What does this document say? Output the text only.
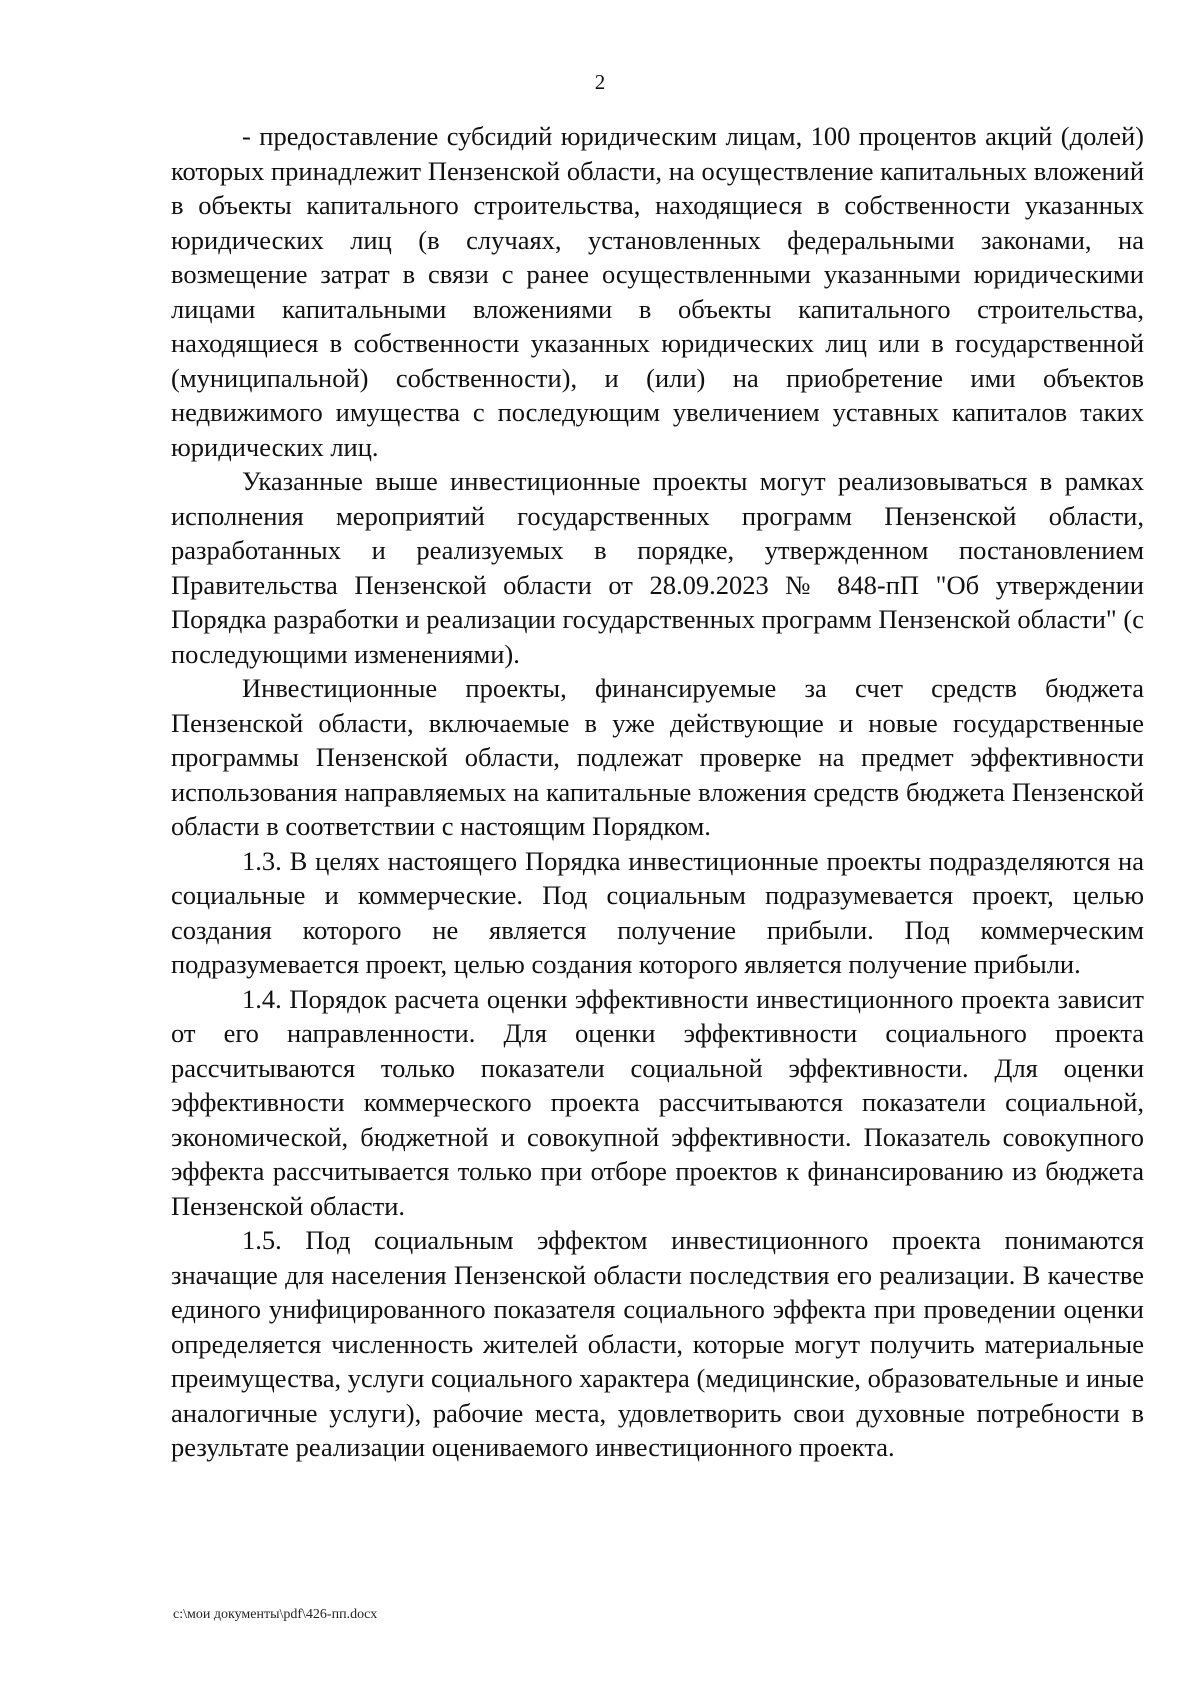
2

- предоставление субсидий юридическим лицам, 100 процентов акций (долей) которых принадлежит Пензенской области, на осуществление капитальных вложений в объекты капитального строительства, находящиеся в собственности указанных юридических лиц (в случаях, установленных федеральными законами, на возмещение затрат в связи с ранее осуществленными указанными юридическими лицами капитальными вложениями в объекты капитального строительства, находящиеся в собственности указанных юридических лиц или в государственной (муниципальной) собственности), и (или) на приобретение ими объектов недвижимого имущества с последующим увеличением уставных капиталов таких юридических лиц.

Указанные выше инвестиционные проекты могут реализовываться в рамках исполнения мероприятий государственных программ Пензенской области, разработанных и реализуемых в порядке, утвержденном постановлением Правительства Пензенской области от 28.09.2023 № 848-пП "Об утверждении Порядка разработки и реализации государственных программ Пензенской области" (с последующими изменениями).

Инвестиционные проекты, финансируемые за счет средств бюджета Пензенской области, включаемые в уже действующие и новые государственные программы Пензенской области, подлежат проверке на предмет эффективности использования направляемых на капитальные вложения средств бюджета Пензенской области в соответствии с настоящим Порядком.

1.3. В целях настоящего Порядка инвестиционные проекты подразделяются на социальные и коммерческие. Под социальным подразумевается проект, целью создания которого не является получение прибыли. Под коммерческим подразумевается проект, целью создания которого является получение прибыли.

1.4. Порядок расчета оценки эффективности инвестиционного проекта зависит от его направленности. Для оценки эффективности социального проекта рассчитываются только показатели социальной эффективности. Для оценки эффективности коммерческого проекта рассчитываются показатели социальной, экономической, бюджетной и совокупной эффективности. Показатель совокупного эффекта рассчитывается только при отборе проектов к финансированию из бюджета Пензенской области.

1.5. Под социальным эффектом инвестиционного проекта понимаются значащие для населения Пензенской области последствия его реализации. В качестве единого унифицированного показателя социального эффекта при проведении оценки определяется численность жителей области, которые могут получить материальные преимущества, услуги социального характера (медицинские, образовательные и иные аналогичные услуги), рабочие места, удовлетворить свои духовные потребности в результате реализации оцениваемого инвестиционного проекта.

c:\мои документы\pdf\426-пп.docx
